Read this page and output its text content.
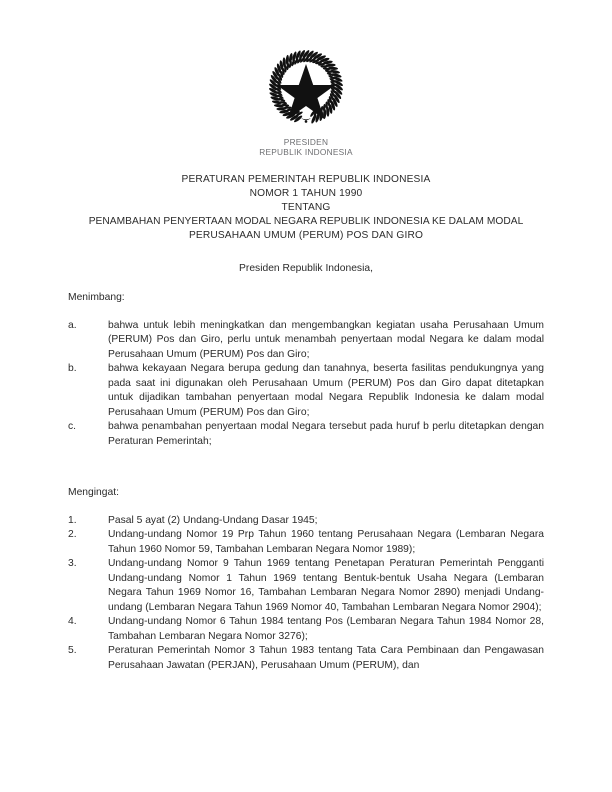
PRESIDEN
REPUBLIK INDONESIA
PERATURAN PEMERINTAH REPUBLIK INDONESIA
NOMOR 1 TAHUN 1990
TENTANG
PENAMBAHAN PENYERTAAN MODAL NEGARA REPUBLIK INDONESIA KE DALAM MODAL
PERUSAHAAN UMUM (PERUM) POS DAN GIRO
Presiden Republik Indonesia,
Menimbang:
a.	bahwa untuk lebih meningkatkan dan mengembangkan kegiatan usaha Perusahaan Umum (PERUM) Pos dan Giro, perlu untuk menambah penyertaan modal Negara ke dalam modal Perusahaan Umum (PERUM) Pos dan Giro;
b.	bahwa kekayaan Negara berupa gedung dan tanahnya, beserta fasilitas pendukungnya yang pada saat ini digunakan oleh Perusahaan Umum (PERUM) Pos dan Giro dapat ditetapkan untuk dijadikan tambahan penyertaan modal Negara Republik Indonesia ke dalam modal Perusahaan Umum (PERUM) Pos dan Giro;
c.	bahwa penambahan penyertaan modal Negara tersebut pada huruf b perlu ditetapkan dengan Peraturan Pemerintah;
Mengingat:
1.	Pasal 5 ayat (2) Undang-Undang Dasar 1945;
2.	Undang-undang Nomor 19 Prp Tahun 1960 tentang Perusahaan Negara (Lembaran Negara Tahun 1960 Nomor 59, Tambahan Lembaran Negara Nomor 1989);
3.	Undang-undang Nomor 9 Tahun 1969 tentang Penetapan Peraturan Pemerintah Pengganti Undang-undang Nomor 1 Tahun 1969 tentang Bentuk-bentuk Usaha Negara (Lembaran Negara Tahun 1969 Nomor 16, Tambahan Lembaran Negara Nomor 2890) menjadi Undang-undang (Lembaran Negara Tahun 1969 Nomor 40, Tambahan Lembaran Negara Nomor 2904);
4.	Undang-undang Nomor 6 Tahun 1984 tentang Pos (Lembaran Negara Tahun 1984 Nomor 28, Tambahan Lembaran Negara Nomor 3276);
5.	Peraturan Pemerintah Nomor 3 Tahun 1983 tentang Tata Cara Pembinaan dan Pengawasan Perusahaan Jawatan (PERJAN), Perusahaan Umum (PERUM), dan
